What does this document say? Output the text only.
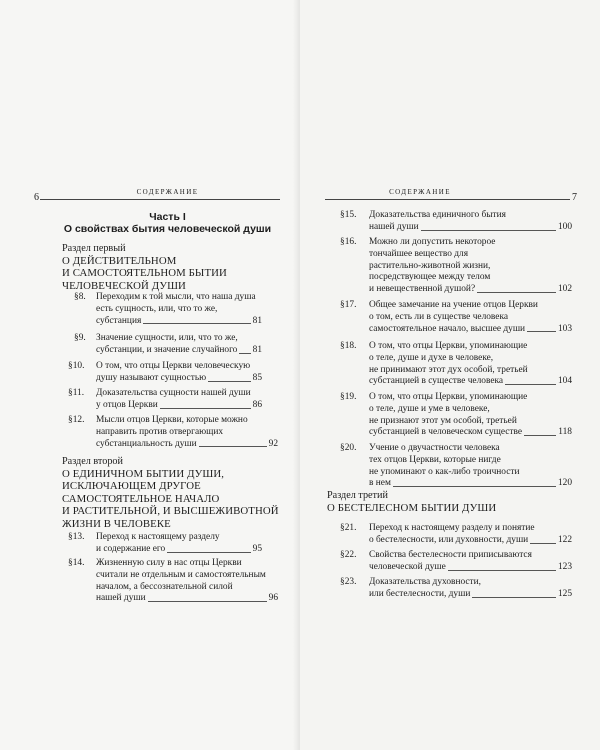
6	СОДЕРЖАНИЕ
Часть I
О свойствах бытия человеческой души
Раздел первый
О ДЕЙСТВИТЕЛЬНОМ
И САМОСТОЯТЕЛЬНОМ БЫТИИ
ЧЕЛОВЕЧЕСКОЙ ДУШИ
§8. Переходим к той мысли, что наша душа
есть сущность, или, что то же,
субстанция	81
§9. Значение сущности, или, что то же,
субстанции, и значение случайного 81
§10. О том, что отцы Церкви человеческую
душу называют сущностью	85
§11. Доказательства сущности нашей души
у отцов Церкви	86
§12. Мысли отцов Церкви, которые можно
направить против отвергающих
субстанциальность души	92
Раздел второй
О ЕДИНИЧНОМ БЫТИИ ДУШИ,
ИСКЛЮЧАЮЩЕМ ДРУГОЕ
САМОСТОЯТЕЛЬНОЕ НАЧАЛО
И РАСТИТЕЛЬНОЙ, И ВЫСШЕЖИВОТНОЙ
ЖИЗНИ В ЧЕЛОВЕКЕ
§13. Переход к настоящему разделу
и содержание его	95
§14. Жизненную силу в нас отцы Церкви
считали не отдельным и самостоятельным
началом, а бессознательной силой
нашей души	96
СОДЕРЖАНИЕ	7
§15. Доказательства единичного бытия
нашей души	100
§16. Можно ли допустить некоторое
тончайшее вещество для
растительно-животной жизни,
посредствующее между телом
и невещественной душой?	102
§17. Общее замечание на учение отцов Церкви
о том, есть ли в существе человека
самостоятельное начало, высшее души	103
§18. О том, что отцы Церкви, упоминающие
о теле, душе и духе в человеке,
не принимают этот дух особой, третьей
субстанцией в существе человека	104
§19. О том, что отцы Церкви, упоминающие
о теле, душе и уме в человеке,
не признают этот ум особой, третьей
субстанцией в человеческом существе	118
§20. Учение о двучастности человека
тех отцов Церкви, которые нигде
не упоминают о как-либо троичности
в нем	120
Раздел третий
О БЕСТЕЛЕСНОМ БЫТИИ ДУШИ
§21. Переход к настоящему разделу и понятие
о бестелесности, или духовности, души	122
§22. Свойства бестелесности приписываются
человеческой душе	123
§23. Доказательства духовности,
или бестелесности, души	125
